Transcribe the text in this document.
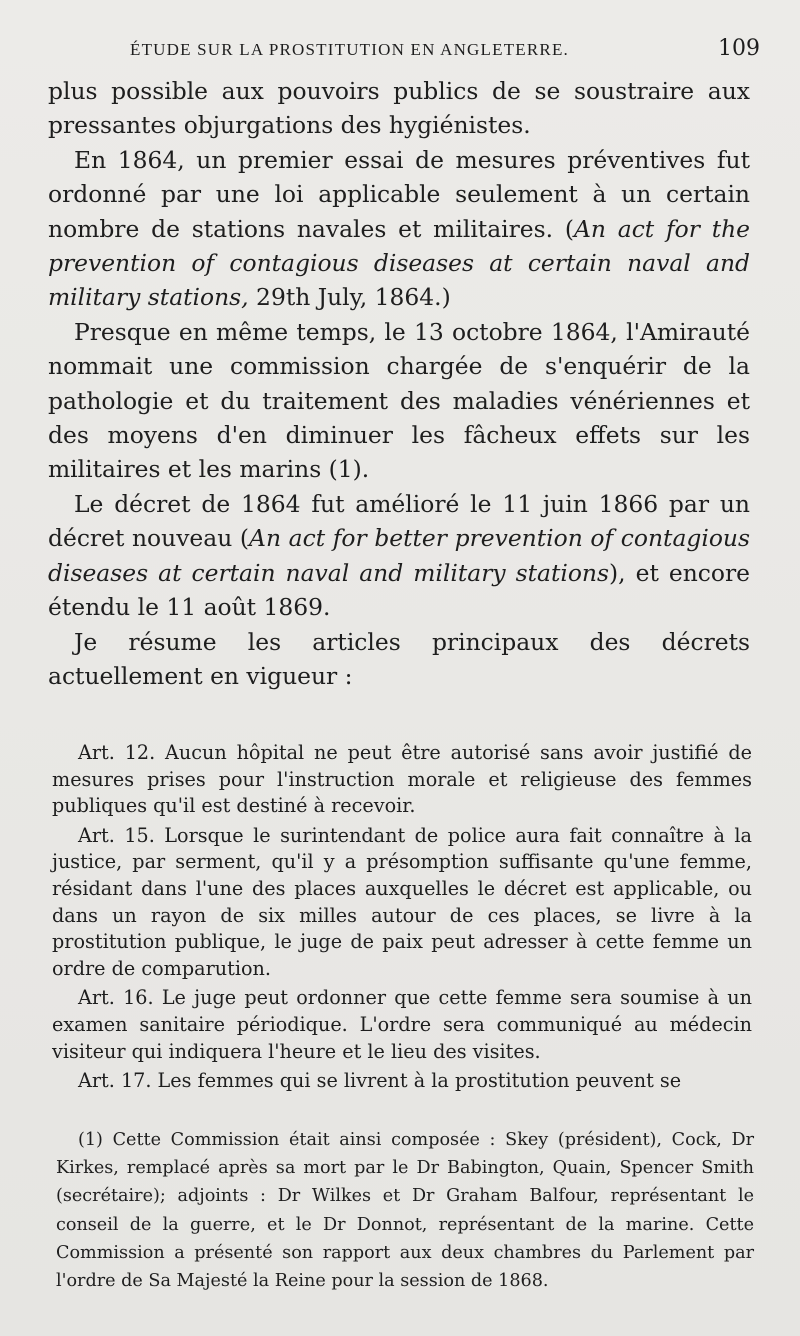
ÉTUDE SUR LA PROSTITUTION EN ANGLETERRE.	109

plus possible aux pouvoirs publics de se soustraire aux pressantes objurgations des hygiénistes.

En 1864, un premier essai de mesures préventives fut ordonné par une loi applicable seulement à un certain nombre de stations navales et militaires. (An act for the prevention of contagious diseases at certain naval and military stations, 29th July, 1864.)

Presque en même temps, le 13 octobre 1864, l'Amirauté nommait une commission chargée de s'enquérir de la pathologie et du traitement des maladies vénériennes et des moyens d'en diminuer les fâcheux effets sur les militaires et les marins (1).

Le décret de 1864 fut amélioré le 11 juin 1866 par un décret nouveau (An act for better prevention of contagious diseases at certain naval and military stations), et encore étendu le 11 août 1869.

Je résume les articles principaux des décrets actuellement en vigueur :

Art. 12. Aucun hôpital ne peut être autorisé sans avoir justifié de mesures prises pour l'instruction morale et religieuse des femmes publiques qu'il est destiné à recevoir.

Art. 15. Lorsque le surintendant de police aura fait connaître à la justice, par serment, qu'il y a présomption suffisante qu'une femme, résidant dans l'une des places auxquelles le décret est applicable, ou dans un rayon de six milles autour de ces places, se livre à la prostitution publique, le juge de paix peut adresser à cette femme un ordre de comparution.

Art. 16. Le juge peut ordonner que cette femme sera soumise à un examen sanitaire périodique. L'ordre sera communiqué au médecin visiteur qui indiquera l'heure et le lieu des visites.

Art. 17. Les femmes qui se livrent à la prostitution peuvent se

(1) Cette Commission était ainsi composée : Skey (président), Cock, Dr Kirkes, remplacé après sa mort par le Dr Babington, Quain, Spencer Smith (secrétaire); adjoints : Dr Wilkes et Dr Graham Balfour, représentant le conseil de la guerre, et le Dr Donnot, représentant de la marine. Cette Commission a présenté son rapport aux deux chambres du Parlement par l'ordre de Sa Majesté la Reine pour la session de 1868.
